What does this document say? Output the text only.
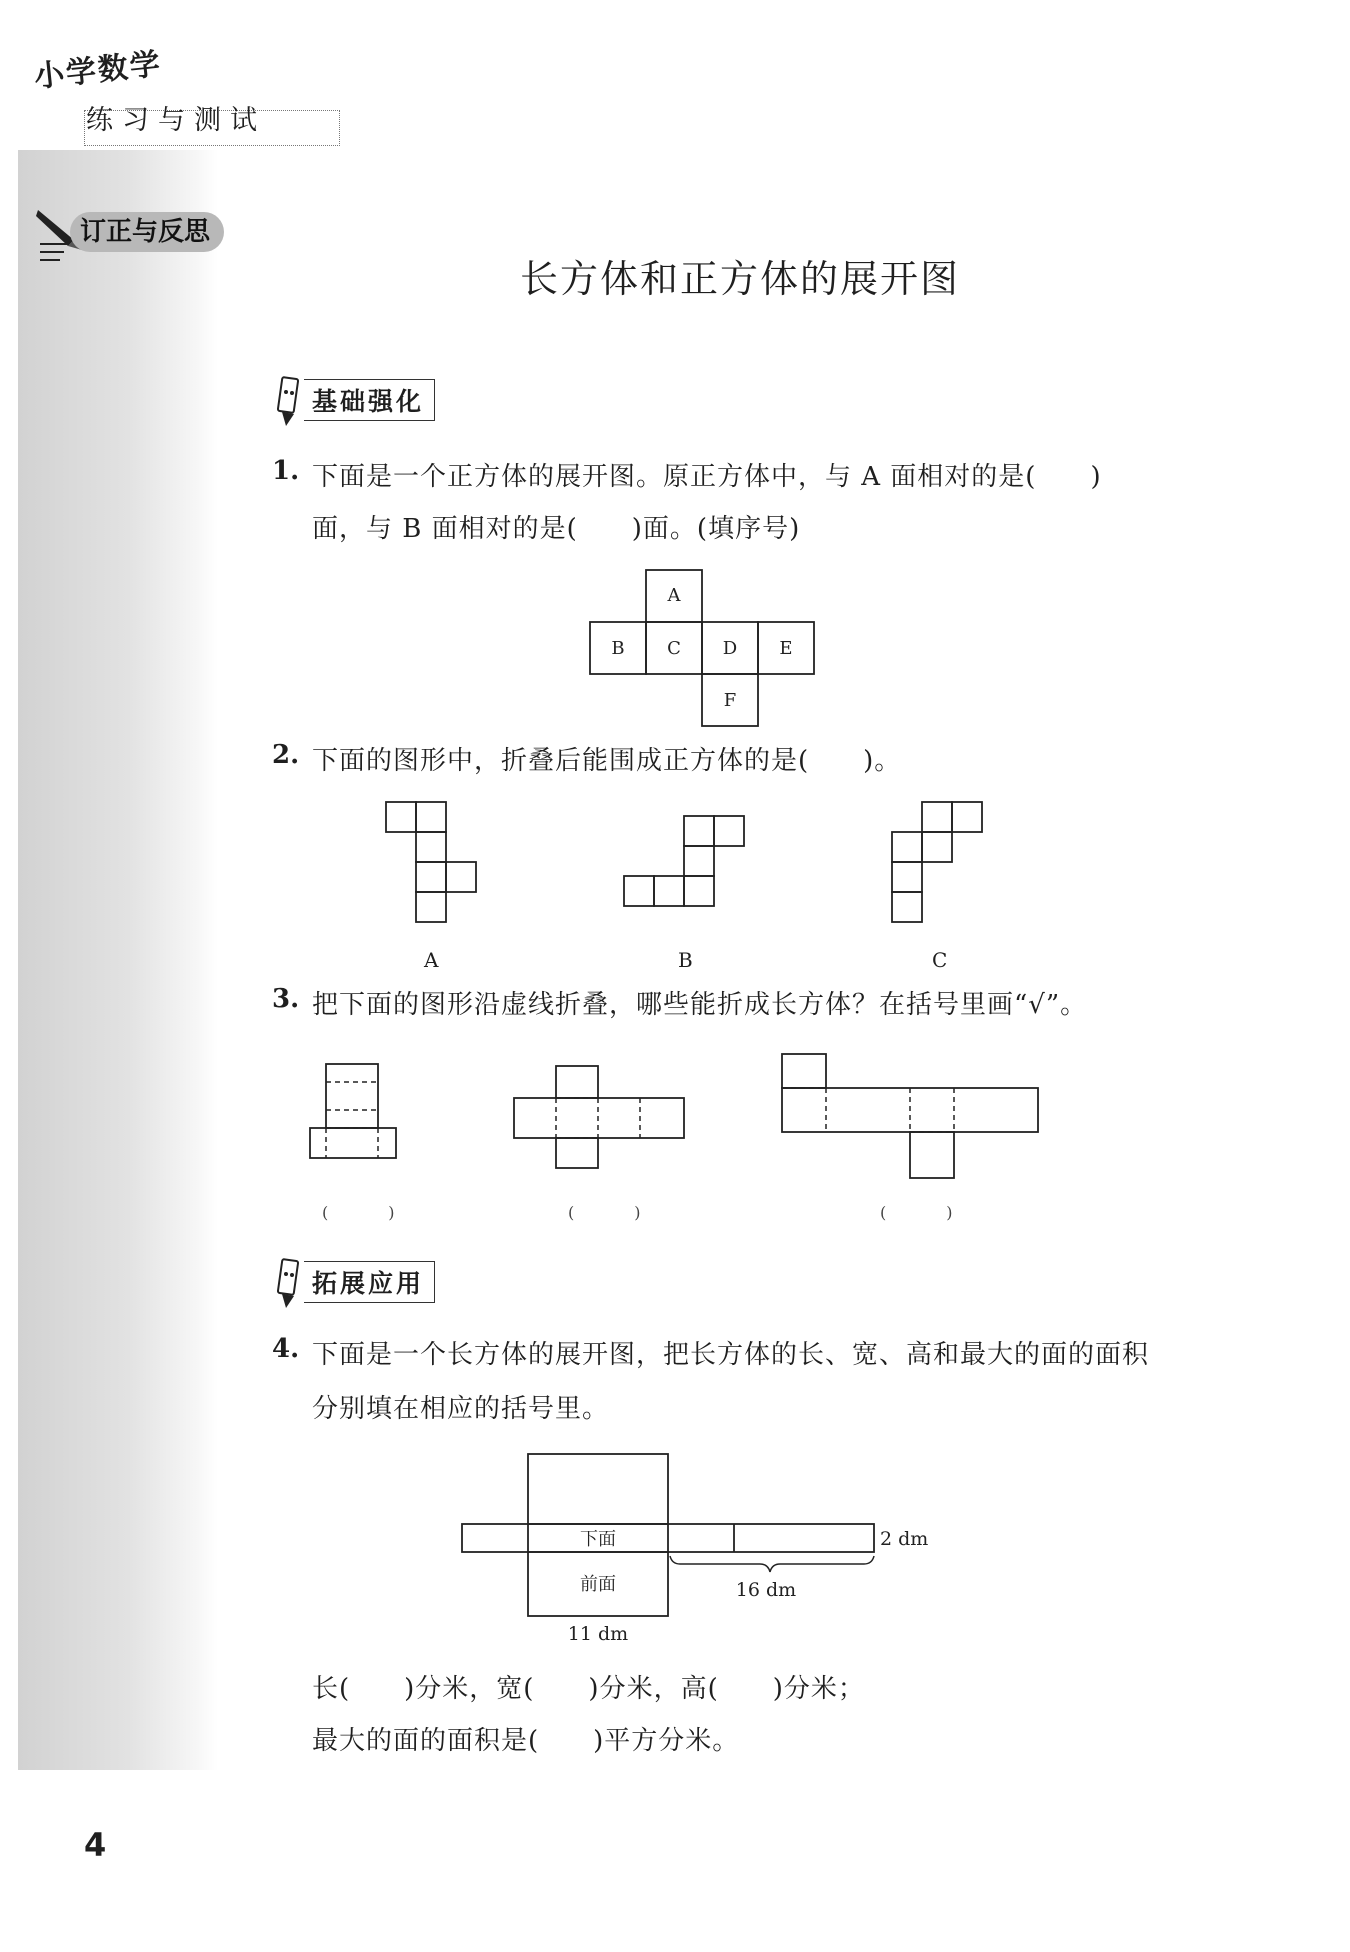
小学数学
练习与测试
订正与反思
长方体和正方体的展开图
基础强化
1. 下面是一个正方体的展开图。原正方体中，与 A 面相对的是(　　)
面，与 B 面相对的是(　　)面。(填序号)
A
B C D E
F
2. 下面的图形中，折叠后能围成正方体的是(　　)。
A	B	C
3. 把下面的图形沿虚线折叠，哪些能折成长方体？在括号里画“√”。
(　)	(　)	(　)
拓展应用
4. 下面是一个长方体的展开图，把长方体的长、宽、高和最大的面的面积
分别填在相应的括号里。
下面
前面
2 dm
16 dm
11 dm
长(　　)分米，宽(　　)分米，高(　　)分米；
最大的面的面积是(　　)平方分米。
4
